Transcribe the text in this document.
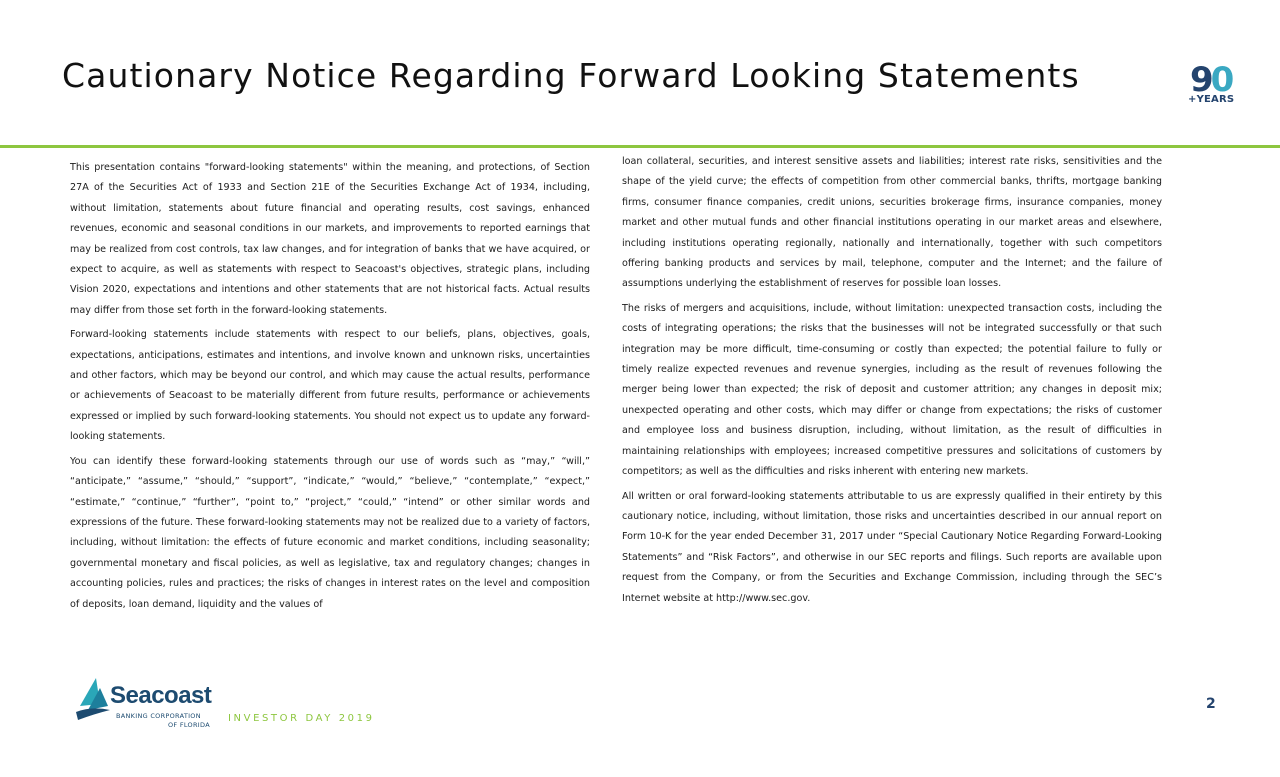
Cautionary Notice Regarding Forward Looking Statements	90
+YEARS

This presentation contains "forward-looking statements" within the meaning, and protections, of Section 27A of the Securities Act of 1933 and Section 21E of the Securities Exchange Act of 1934, including, without limitation, statements about future financial and operating results, cost savings, enhanced revenues, economic and seasonal conditions in our markets, and improvements to reported earnings that may be realized from cost controls, tax law changes, and for integration of banks that we have acquired, or expect to acquire, as well as statements with respect to Seacoast's objectives, strategic plans, including Vision 2020, expectations and intentions and other statements that are not historical facts. Actual results may differ from those set forth in the forward-looking statements.

Forward-looking statements include statements with respect to our beliefs, plans, objectives, goals, expectations, anticipations, estimates and intentions, and involve known and unknown risks, uncertainties and other factors, which may be beyond our control, and which may cause the actual results, performance or achievements of Seacoast to be materially different from future results, performance or achievements expressed or implied by such forward-looking statements. You should not expect us to update any forward-looking statements.

You can identify these forward-looking statements through our use of words such as “may,” “will,” “anticipate,” “assume,” “should,” “support”, “indicate,” “would,” “believe,” “contemplate,” “expect,” “estimate,” “continue,” “further”, “point to,” “project,” “could,” “intend” or other similar words and expressions of the future. These forward-looking statements may not be realized due to a variety of factors, including, without limitation: the effects of future economic and market conditions, including seasonality; governmental monetary and fiscal policies, as well as legislative, tax and regulatory changes; changes in accounting policies, rules and practices; the risks of changes in interest rates on the level and composition of deposits, loan demand, liquidity and the values of

loan collateral, securities, and interest sensitive assets and liabilities; interest rate risks, sensitivities and the shape of the yield curve; the effects of competition from other commercial banks, thrifts, mortgage banking firms, consumer finance companies, credit unions, securities brokerage firms, insurance companies, money market and other mutual funds and other financial institutions operating in our market areas and elsewhere, including institutions operating regionally, nationally and internationally, together with such competitors offering banking products and services by mail, telephone, computer and the Internet; and the failure of assumptions underlying the establishment of reserves for possible loan losses.

The risks of mergers and acquisitions, include, without limitation: unexpected transaction costs, including the costs of integrating operations; the risks that the businesses will not be integrated successfully or that such integration may be more difficult, time-consuming or costly than expected; the potential failure to fully or timely realize expected revenues and revenue synergies, including as the result of revenues following the merger being lower than expected; the risk of deposit and customer attrition; any changes in deposit mix; unexpected operating and other costs, which may differ or change from expectations; the risks of customer and employee loss and business disruption, including, without limitation, as the result of difficulties in maintaining relationships with employees; increased competitive pressures and solicitations of customers by competitors; as well as the difficulties and risks inherent with entering new markets.

All written or oral forward-looking statements attributable to us are expressly qualified in their entirety by this cautionary notice, including, without limitation, those risks and uncertainties described in our annual report on Form 10-K for the year ended December 31, 2017 under “Special Cautionary Notice Regarding Forward-Looking Statements” and “Risk Factors”, and otherwise in our SEC reports and filings. Such reports are available upon request from the Company, or from the Securities and Exchange Commission, including through the SEC’s Internet website at http://www.sec.gov.

Seacoast
BANKING CORPORATION
OF FLORIDA
INVESTOR DAY 2019
2
